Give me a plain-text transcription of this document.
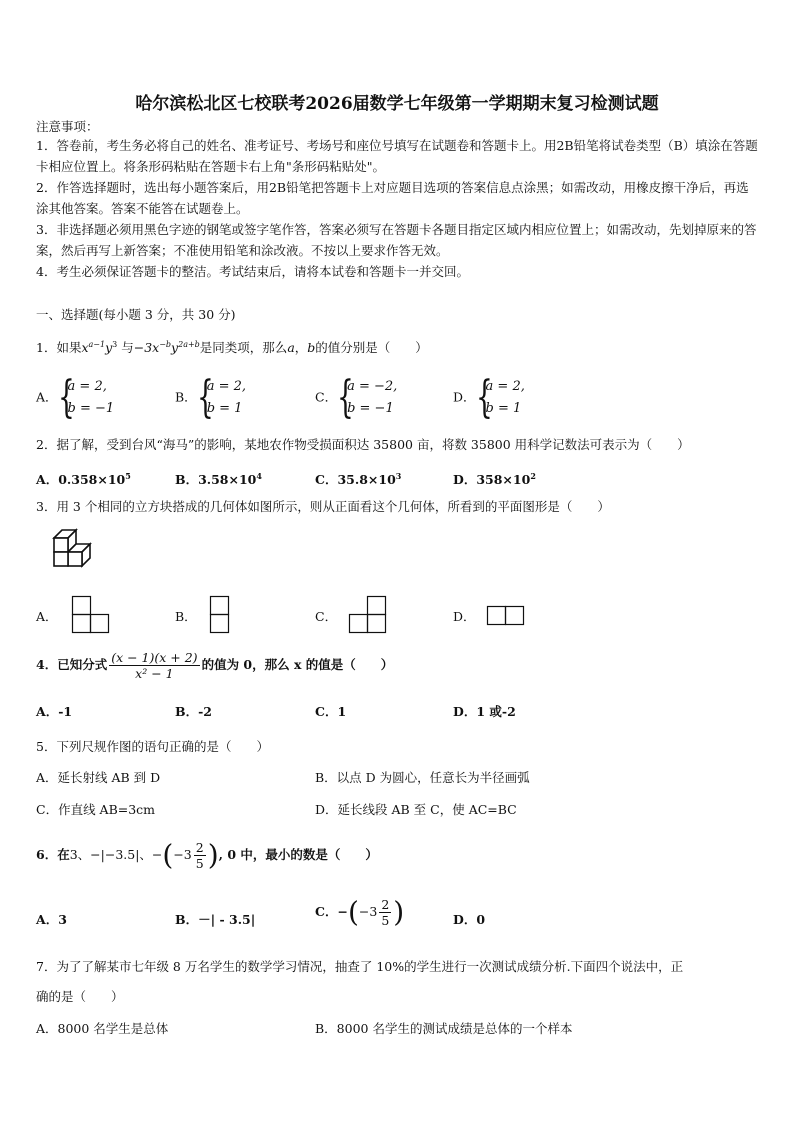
哈尔滨松北区七校联考2026届数学七年级第一学期期末复习检测试题
注意事项：
1．答卷前，考生务必将自己的姓名、准考证号、考场号和座位号填写在试题卷和答题卡上。用2B铅笔将试卷类型（B）填涂在答题卡相应位置上。将条形码粘贴在答题卡右上角"条形码粘贴处"。
2．作答选择题时，选出每小题答案后，用2B铅笔把答题卡上对应题目选项的答案信息点涂黑；如需改动，用橡皮擦干净后，再选涂其他答案。答案不能答在试题卷上。
3．非选择题必须用黑色字迹的钢笔或签字笔作答，答案必须写在答题卡各题目指定区域内相应位置上；如需改动，先划掉原来的答案，然后再写上新答案；不准使用铅笔和涂改液。不按以上要求作答无效。
4．考生必须保证答题卡的整洁。考试结束后，请将本试卷和答题卡一并交回。
一、选择题(每小题 3 分，共 30 分)
1．如果$x^{a-1}y^3$ 与$-3x^{-b}y^{2a+b}$是同类项，那么a，b的值分别是（　　）
A． {
a = 2,
b = −1
B． {
a = 2,
b = 1
C． {
a = −2,
b = −1
D． {
a = 2,
b = 1
2．据了解，受到台风“海马”的影响，某地农作物受损面积达 35800 亩，将数 35800 用科学记数法可表示为（　　）
A．$0.358\times 10^5$	B．$3.58\times 10^4$	C．$35.8\times 10^3$	D．$358\times 10^2$
3．用 3 个相同的立方块搭成的几何体如图所示，则从正面看这个几何体，所看到的平面图形是（　　）
A．	B．	C．	D．
4．已知分式 $\frac{(x - 1)(x + 2)}{\text{x² − 1}}$ 的值为 0，那么 x 的值是（　　）
A．-1	B．-2	C．1	D．1 或-2
5．下列尺规作图的语句正确的是（　　）
A．延长射线 AB 到 D	B．以点 D 为圆心，任意长为半径画弧
C．作直线 AB=3cm	D．延长线段 AB 至 C，使 AC=BC
6．在3、−|−3.5|、$-(-3 \frac{2}{5}$ ), 0 中，最小的数是（　　）
A．3	B．－| - 3.5|
C．$-(-3 \frac{2}{5}$ )	D．0
7．为了了解某市七年级 8 万名学生的数学学习情况，抽查了 10%的学生进行一次测试成绩分析.下面四个说法中，正
确的是（　　）
A．8000 名学生是总体	B．8000 名学生的测试成绩是总体的一个样本
